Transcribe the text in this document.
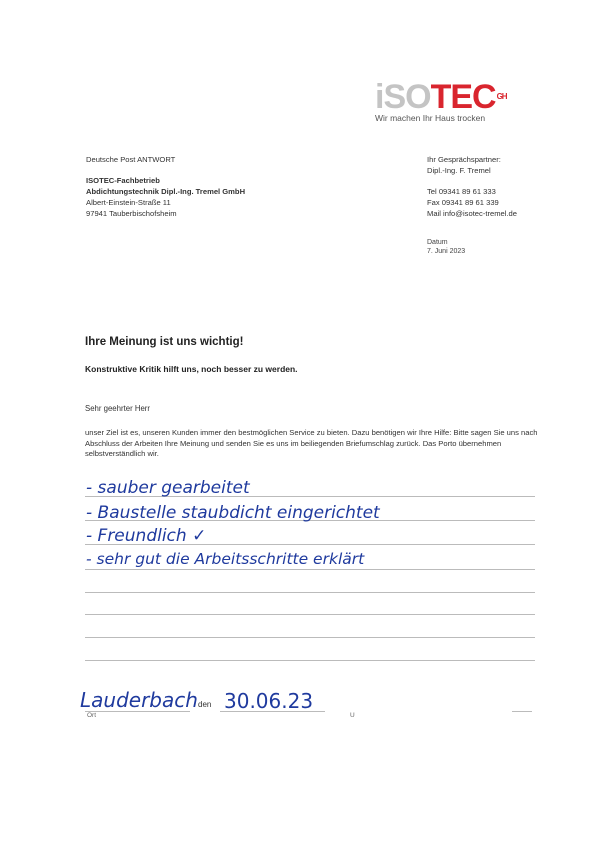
iSOTEC$^{GH}$
Wir machen Ihr Haus trocken
Deutsche Post ANTWORT
ISOTEC-Fachbetrieb
Abdichtungstechnik Dipl.-Ing. Tremel GmbH
Albert-Einstein-Straße 11
97941 Tauberbischofsheim
Ihr Gesprächspartner:
Dipl.-Ing. F. Tremel
Tel 09341 89 61 333
Fax 09341 89 61 339
Mail info@isotec-tremel.de
Datum
7. Juni 2023
Ihre Meinung ist uns wichtig!
Konstruktive Kritik hilft uns, noch besser zu werden.
Sehr geehrter Herr
unser Ziel ist es, unseren Kunden immer den bestmöglichen Service zu bieten. Dazu benötigen wir Ihre Hilfe: Bitte sagen Sie uns nach Abschluss der Arbeiten Ihre Meinung und senden Sie es uns im beiliegenden Briefumschlag zurück. Das Porto übernehmen selbstverständlich wir.
- sauber gearbeitet
- Baustelle staubdicht eingerichtet
- Freundlich ✓
- sehr gut die Arbeitsschritte erklärt
Lauderbach
Ort
den 30.06.23
U
